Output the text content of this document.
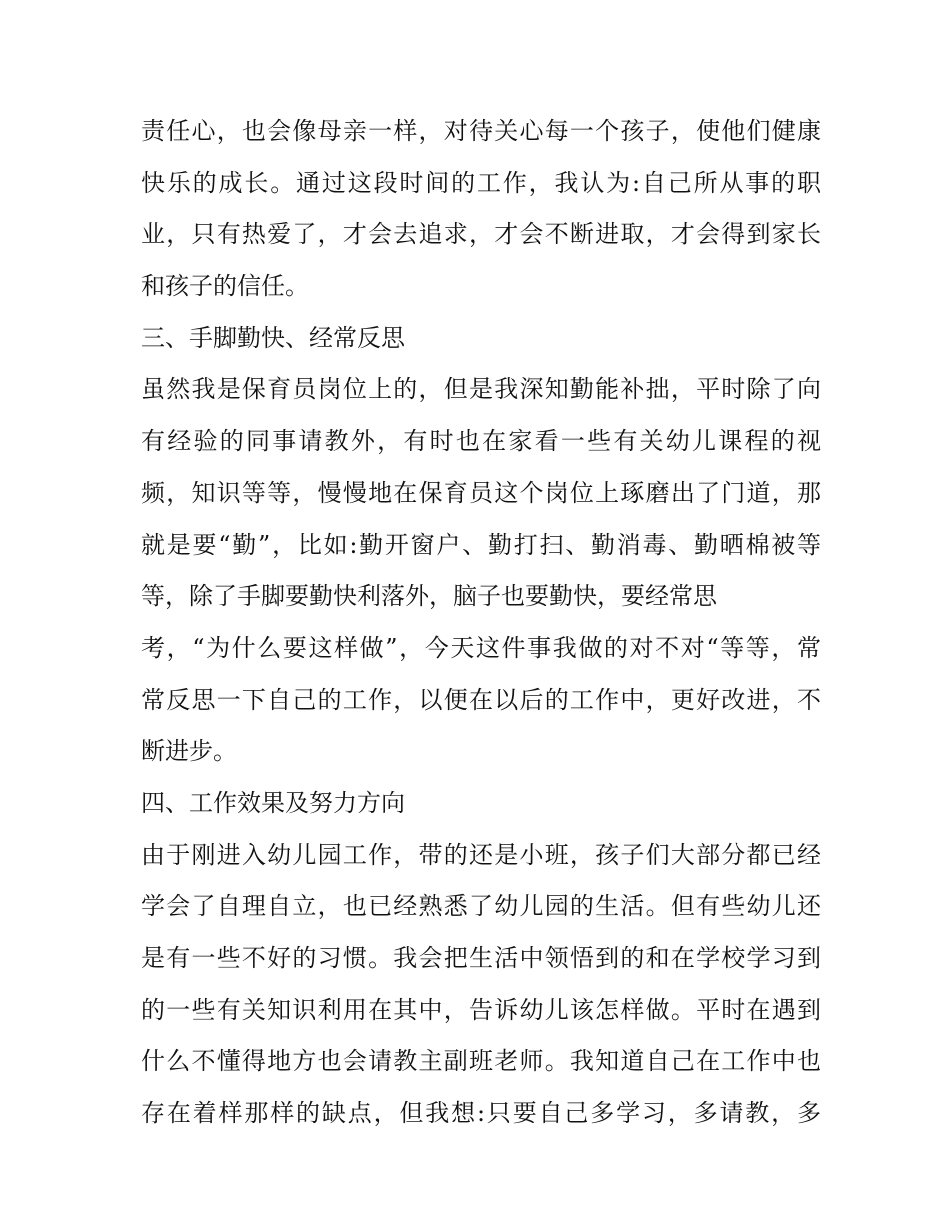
责任心，也会像母亲一样，对待关心每一个孩子，使他们健康
快乐的成长。通过这段时间的工作，我认为:自己所从事的职
业，只有热爱了，才会去追求，才会不断进取，才会得到家长
和孩子的信任。
三、手脚勤快、经常反思
虽然我是保育员岗位上的，但是我深知勤能补拙，平时除了向
有经验的同事请教外，有时也在家看一些有关幼儿课程的视
频，知识等等，慢慢地在保育员这个岗位上琢磨出了门道，那
就是要“勤”，比如:勤开窗户、勤打扫、勤消毒、勤晒棉被等
等，除了手脚要勤快利落外，脑子也要勤快，要经常思
考，“为什么要这样做”，今天这件事我做的对不对“等等，常
常反思一下自己的工作，以便在以后的工作中，更好改进，不
断进步。
四、工作效果及努力方向
由于刚进入幼儿园工作，带的还是小班，孩子们大部分都已经
学会了自理自立，也已经熟悉了幼儿园的生活。但有些幼儿还
是有一些不好的习惯。我会把生活中领悟到的和在学校学习到
的一些有关知识利用在其中，告诉幼儿该怎样做。平时在遇到
什么不懂得地方也会请教主副班老师。我知道自己在工作中也
存在着样那样的缺点，但我想:只要自己多学习，多请教，多
